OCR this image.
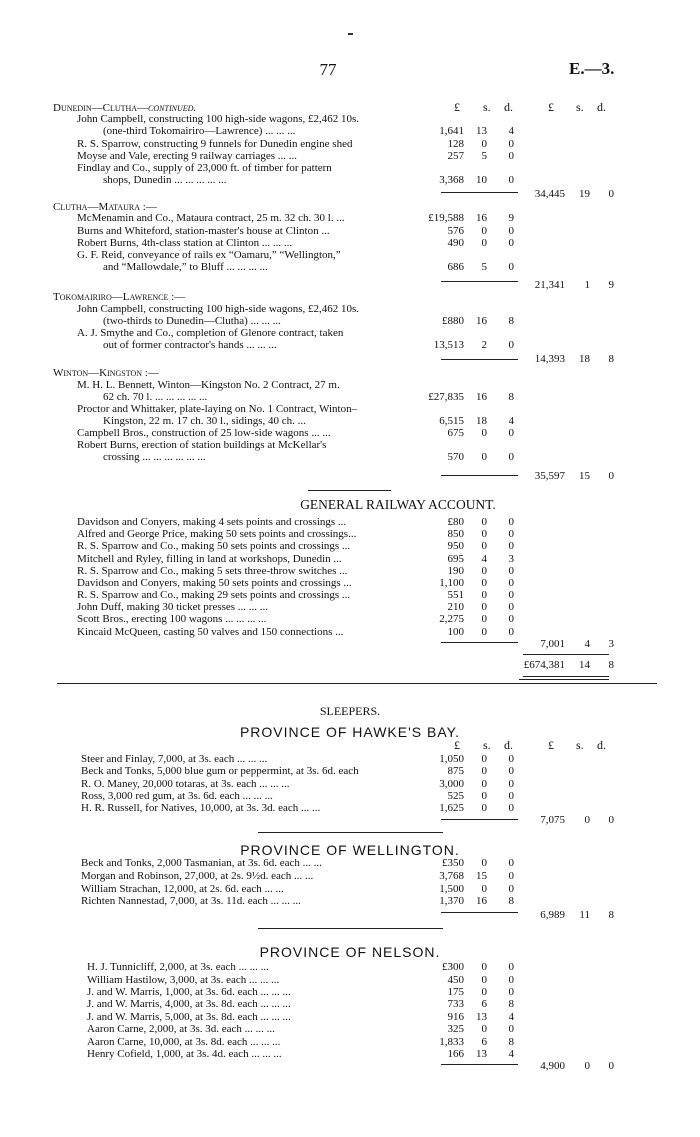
77	E.—3.
£ s. d.	£ s. d.
Dunedin—Clutha—continued.
John Campbell, constructing 100 high-side wagons, £2,462 10s.
(one-third Tokomairiro—Lawrence) ... ... ...	1,641 13 4
R. S. Sparrow, constructing 9 funnels for Dunedin engine shed	128 0 0
Moyse and Vale, erecting 9 railway carriages ... ...	257 5 0
Findlay and Co., supply of 23,000 ft. of timber for pattern
shops, Dunedin ... ... ... ... ...	3,368 10 0
34,445 19 0
Clutha—Mataura :—
McMenamin and Co., Mataura contract, 25 m. 32 ch. 30 l. ...	£19,588 16 9
Burns and Whiteford, station-master's house at Clinton ...	576 0 0
Robert Burns, 4th-class station at Clinton ... ... ...	490 0 0
G. F. Reid, conveyance of rails ex “Oamaru,” “Wellington,”
and “Mallowdale,” to Bluff ... ... ... ...	686 5 0
21,341 1 9
Tokomairiro—Lawrence :—
John Campbell, constructing 100 high-side wagons, £2,462 10s.
(two-thirds to Dunedin—Clutha) ... ... ...	£880 16 8
A. J. Smythe and Co., completion of Glenore contract, taken
out of former contractor's hands ... ... ...	13,513 2 0
14,393 18 8
Winton—Kingston :—
M. H. L. Bennett, Winton—Kingston No. 2 Contract, 27 m.
62 ch. 70 l. ... ... ... ... ...	£27,835 16 8
Proctor and Whittaker, plate-laying on No. 1 Contract, Winton–
Kingston, 22 m. 17 ch. 30 l., sidings, 40 ch. ...	6,515 18 4
Campbell Bros., construction of 25 low-side wagons ... ...	675 0 0
Robert Burns, erection of station buildings at McKellar's
crossing ... ... ... ... ... ...	570 0 0
35,597 15 0
GENERAL RAILWAY ACCOUNT.
Davidson and Conyers, making 4 sets points and crossings ...	£80 0 0
Alfred and George Price, making 50 sets points and crossings...	850 0 0
R. S. Sparrow and Co., making 50 sets points and crossings ...	950 0 0
Mitchell and Ryley, filling in land at workshops, Dunedin ...	695 4 3
R. S. Sparrow and Co., making 5 sets three-throw switches ...	190 0 0
Davidson and Conyers, making 50 sets points and crossings ...	1,100 0 0
R. S. Sparrow and Co., making 29 sets points and crossings ...	551 0 0
John Duff, making 30 ticket presses ... ... ...	210 0 0
Scott Bros., erecting 100 wagons ... ... ... ...	2,275 0 0
Kincaid McQueen, casting 50 valves and 150 connections ...	100 0 0
7,001 4 3
£674,381 14 8
SLEEPERS.
PROVINCE OF HAWKE'S BAY.
£ s. d.	£ s. d.
Steer and Finlay, 7,000, at 3s. each ... ... ...	1,050 0 0
Beck and Tonks, 5,000 blue gum or peppermint, at 3s. 6d. each	875 0 0
R. O. Maney, 20,000 totaras, at 3s. each ... ... ...	3,000 0 0
Ross, 3,000 red gum, at 3s. 6d. each ... ... ...	525 0 0
H. R. Russell, for Natives, 10,000, at 3s. 3d. each ... ...	1,625 0 0
7,075 0 0
PROVINCE OF WELLINGTON.
Beck and Tonks, 2,000 Tasmanian, at 3s. 6d. each ... ...	£350 0 0
Morgan and Robinson, 27,000, at 2s. 9½d. each ... ...	3,768 15 0
William Strachan, 12,000, at 2s. 6d. each ... ...	1,500 0 0
Richten Nannestad, 7,000, at 3s. 11d. each ... ... ...	1,370 16 8
6,989 11 8
PROVINCE OF NELSON.
H. J. Tunnicliff, 2,000, at 3s. each ... ... ...	£300 0 0
William Hastilow, 3,000, at 3s. each ... ... ...	450 0 0
J. and W. Marris, 1,000, at 3s. 6d. each ... ... ...	175 0 0
J. and W. Marris, 4,000, at 3s. 8d. each ... ... ...	733 6 8
J. and W. Marris, 5,000, at 3s. 8d. each ... ... ...	916 13 4
Aaron Carne, 2,000, at 3s. 3d. each ... ... ...	325 0 0
Aaron Carne, 10,000, at 3s. 8d. each ... ... ...	1,833 6 8
Henry Cofield, 1,000, at 3s. 4d. each ... ... ...	166 13 4
4,900 0 0
